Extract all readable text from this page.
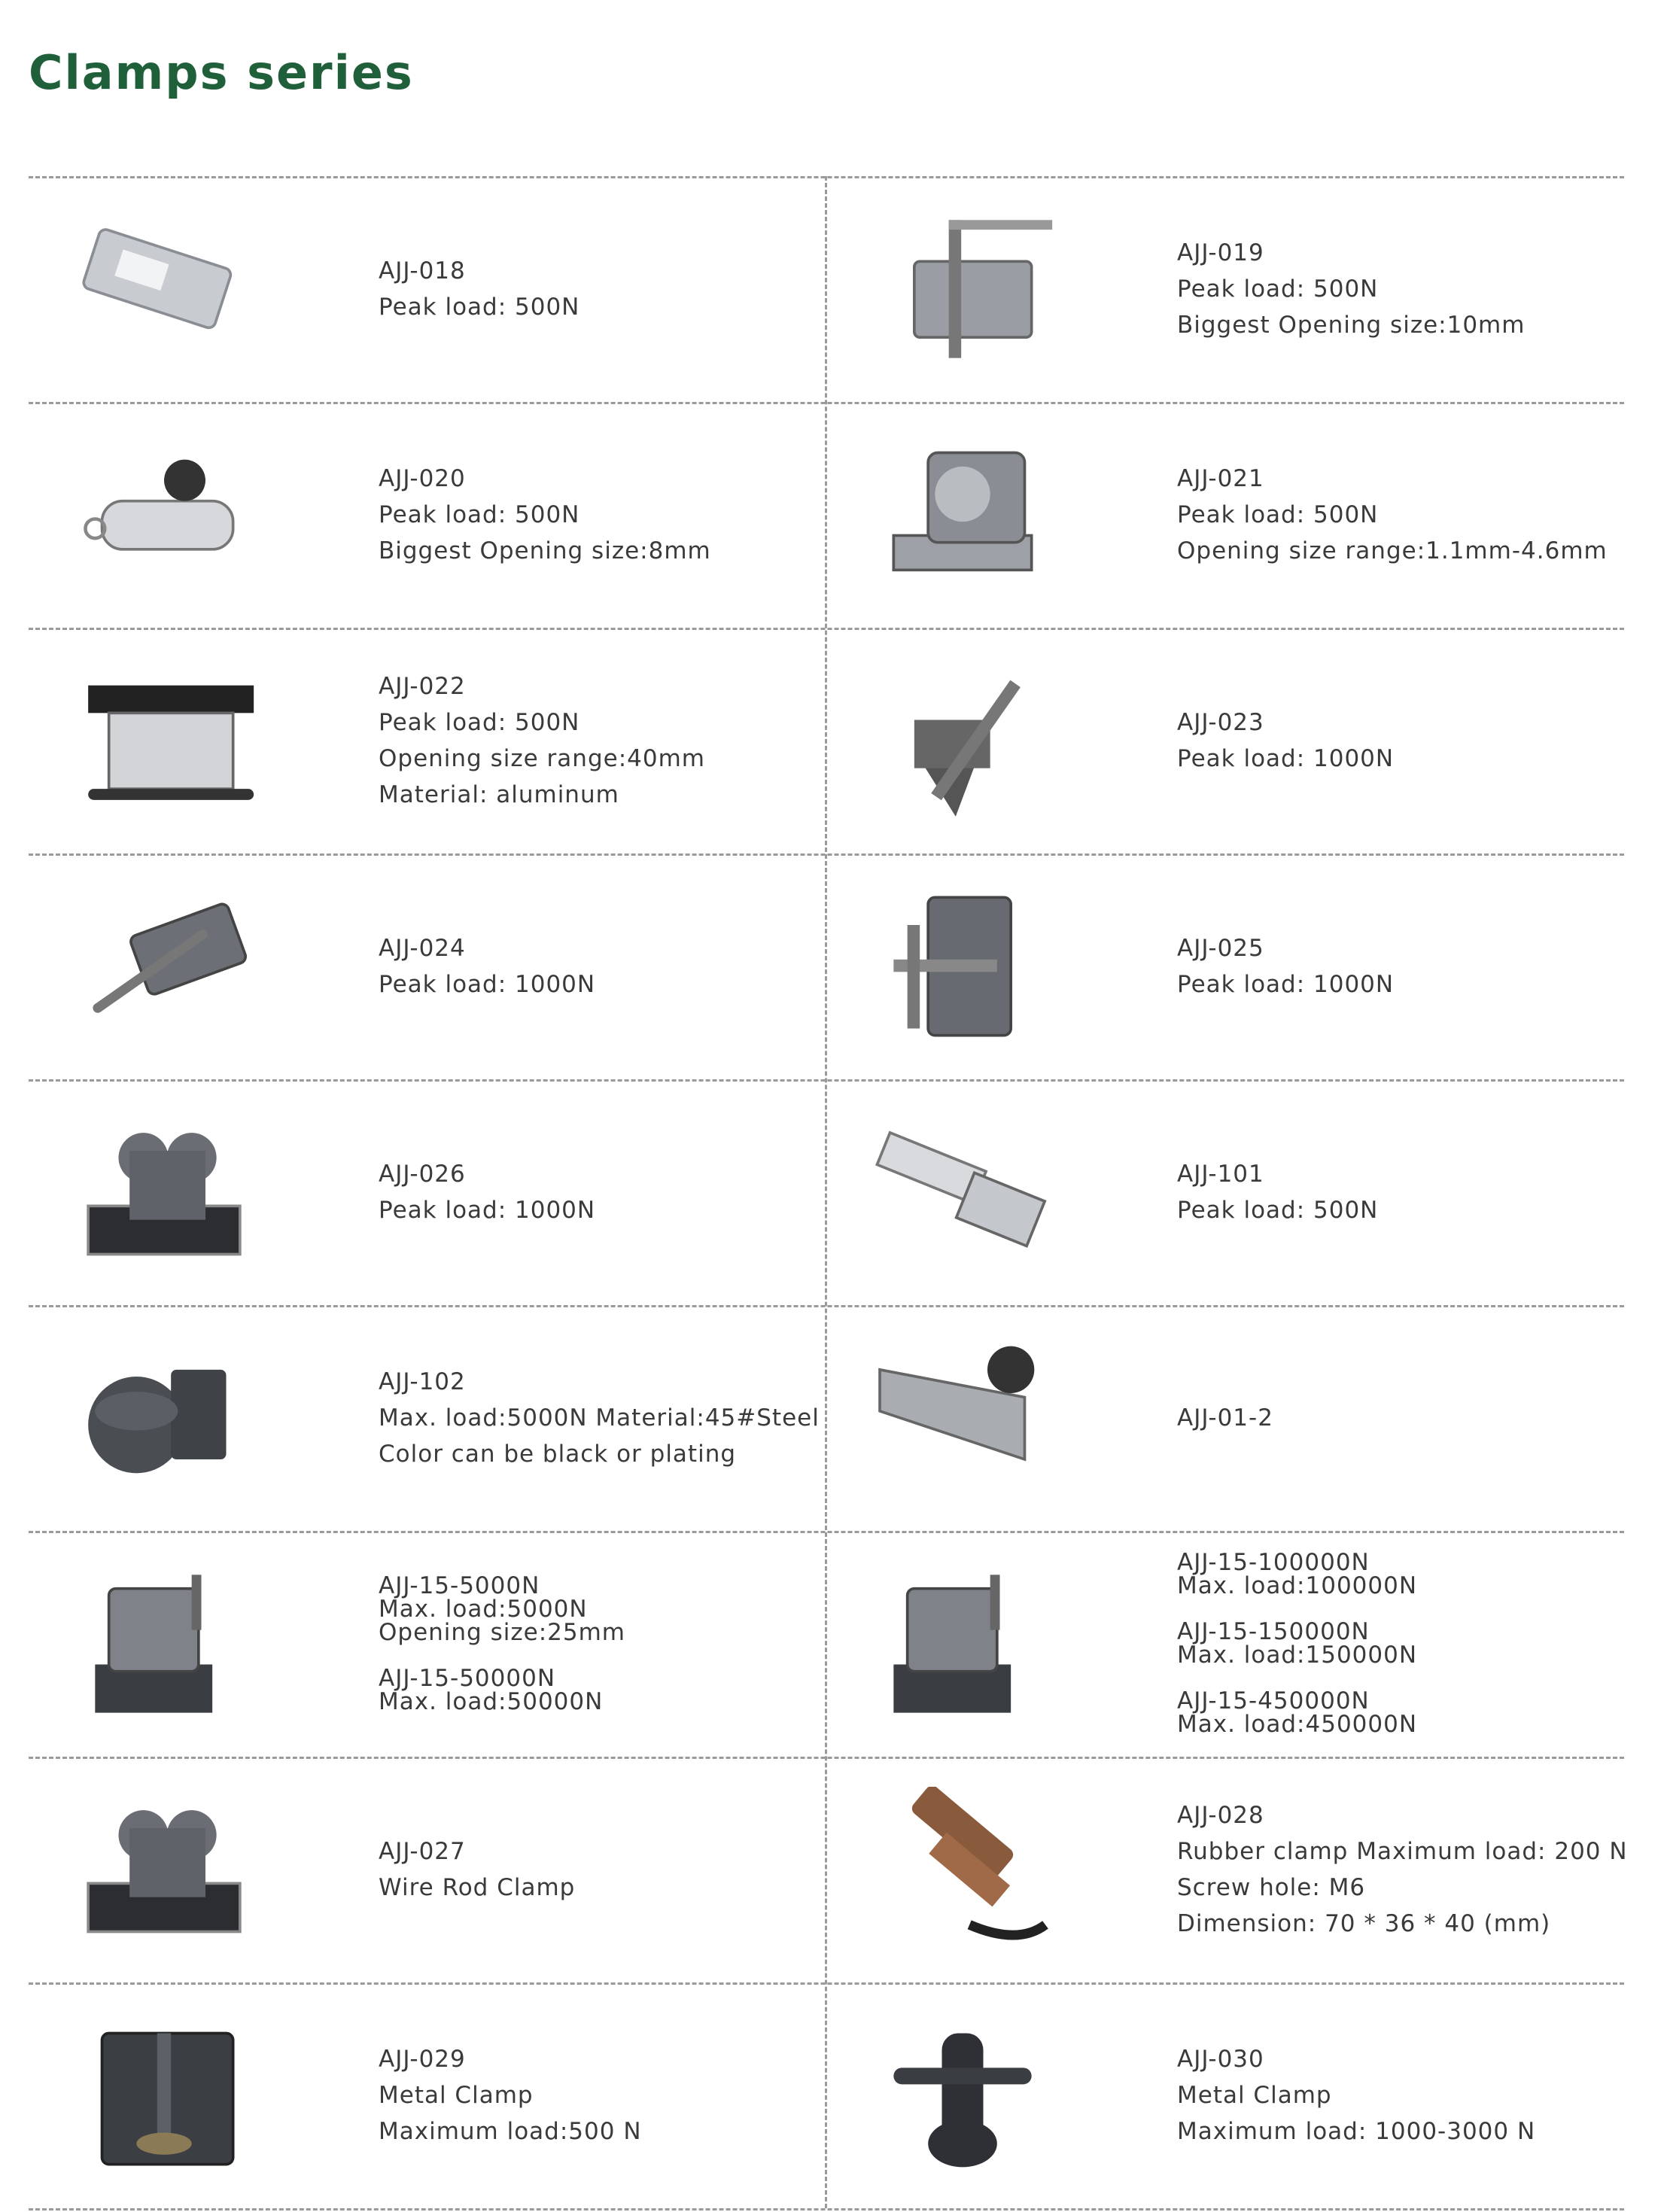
Clamps series
AJJ-018
Peak load: 500N
AJJ-019
Peak load: 500N
Biggest Opening size:10mm
AJJ-020
Peak load: 500N
Biggest Opening size:8mm
AJJ-021
Peak load: 500N
Opening size range:1.1mm-4.6mm
AJJ-022
Peak load: 500N
Opening size range:40mm
Material: aluminum
AJJ-023
Peak load: 1000N
AJJ-024
Peak load: 1000N
AJJ-025
Peak load: 1000N
AJJ-026
Peak load: 1000N
AJJ-101
Peak load: 500N
AJJ-102
Max. load:5000N Material:45#Steel
Color can be black or plating
AJJ-01-2
AJJ-15-5000N
Max. load:5000N
Opening size:25mm
AJJ-15-50000N
Max. load:50000N
AJJ-15-100000N
Max. load:100000N
AJJ-15-150000N
Max. load:150000N
AJJ-15-450000N
Max. load:450000N
AJJ-027
Wire Rod Clamp
AJJ-028
Rubber clamp Maximum load: 200 N
Screw hole: M6
Dimension: 70 * 36 * 40 (mm)
AJJ-029
Metal Clamp
Maximum load:500 N
AJJ-030
Metal Clamp
Maximum load: 1000-3000 N
